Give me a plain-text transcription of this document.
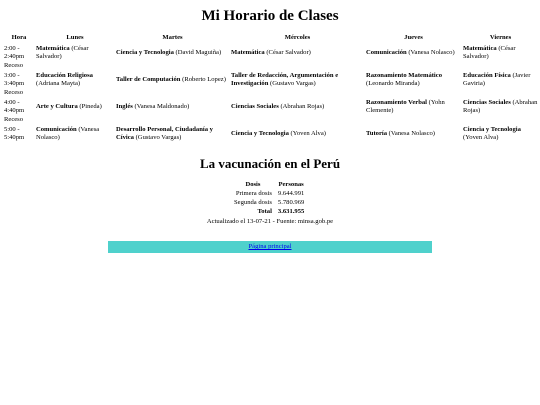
Mi Horario de Clases
Hora	Lunes	Martes	Mércoles	Jueves	Viernes
2:00 - 2:40pm	Matemática (César Salvador)	Ciencia y Tecnologia (David Maguiña)	Matemática (César Salvador)	Comunicación (Vanesa Nolasco)	Matemática (César Salvador)
Receso					
3:00 - 3:40pm	Educación Religiosa (Adriana Mayta)	Taller de Computación (Roberto Lopez)	Taller de Redacción, Argumentación e Investigación (Gustavo Vargas)	Razonamiento Matemático (Leonardo Miranda)	Educación Física (Javier Gaviria)
Receso					
4:00 - 4:40pm	Arte y Cultura (Pineda)	Inglés (Vanesa Maldonado)	Ciencias Sociales (Abrahan Rojas)	Razonamiento Verbal (Yohn Clemente)	Ciencias Sociales (Abrahan Rojas)
Receso					
5:00 - 5:40pm	Comunicación (Vanesa Nolasco)	Desarrollo Personal, Ciudadanía y Cívica (Gustavo Vargas)	Ciencia y Tecnologia (Yoven Alva)	Tutoría (Vanesa Nolasco)	Ciencia y Tecnologia (Yoven Alva)
La vacunación en el Perú
Dosis	Personas
Primera dosis	9.644.991
Segunda dosis	5.780.969
Total	3.631.955
Actualizado el 13-07-21 - Fuente: minsa.gob.pe
Página principal
